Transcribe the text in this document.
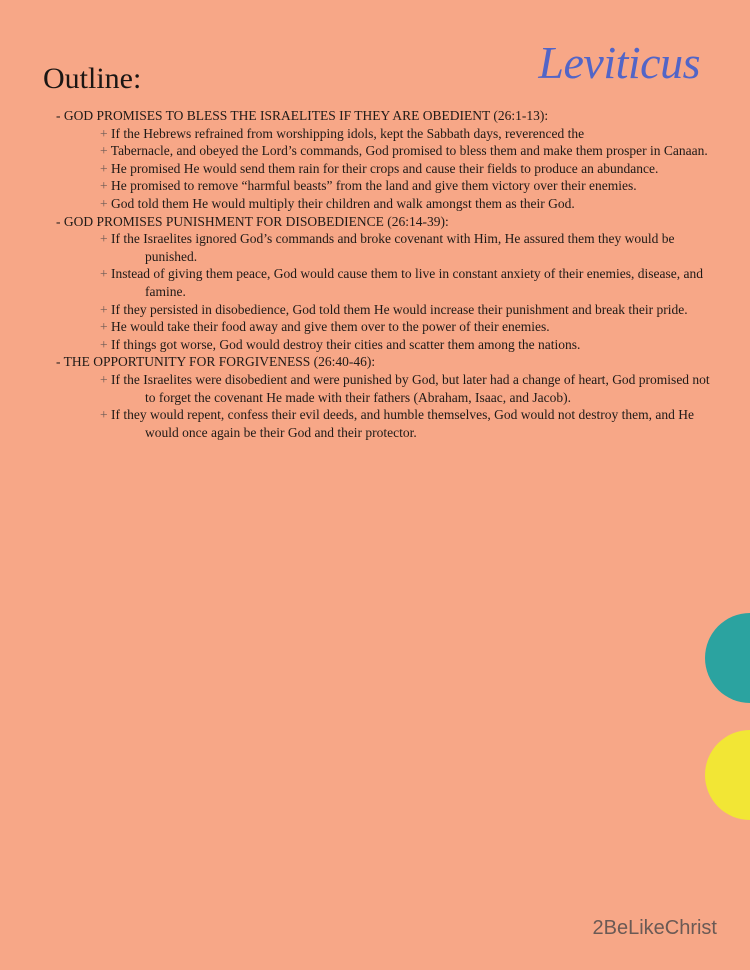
Leviticus
Outline:

- GOD PROMISES TO BLESS THE ISRAELITES IF THEY ARE OBEDIENT (26:1-13):

+ If the Hebrews refrained from worshipping idols, kept the Sabbath days, reverenced the
+ Tabernacle, and obeyed the Lord’s commands, God promised to bless them and make them prosper in Canaan.
+ He promised He would send them rain for their crops and cause their fields to produce an abundance.
+ He promised to remove “harmful beasts” from the land and give them victory over their enemies.
+ God told them He would multiply their children and walk amongst them as their God.

- GOD PROMISES PUNISHMENT FOR DISOBEDIENCE (26:14-39):

+ If the Israelites ignored God’s commands and broke covenant with Him, He assured them they would be punished.
+ Instead of giving them peace, God would cause them to live in constant anxiety of their enemies, disease, and famine.
+ If they persisted in disobedience, God told them He would increase their punishment and break their pride.
+ He would take their food away and give them over to the power of their enemies.
+ If things got worse, God would destroy their cities and scatter them among the nations.

- THE OPPORTUNITY FOR FORGIVENESS (26:40-46):

+ If the Israelites were disobedient and were punished by God, but later had a change of heart, God promised not to forget the covenant He made with their fathers (Abraham, Isaac, and Jacob).
+ If they would repent, confess their evil deeds, and humble themselves, God would not destroy them, and He would once again be their God and their protector.
2BeLikeChrist
